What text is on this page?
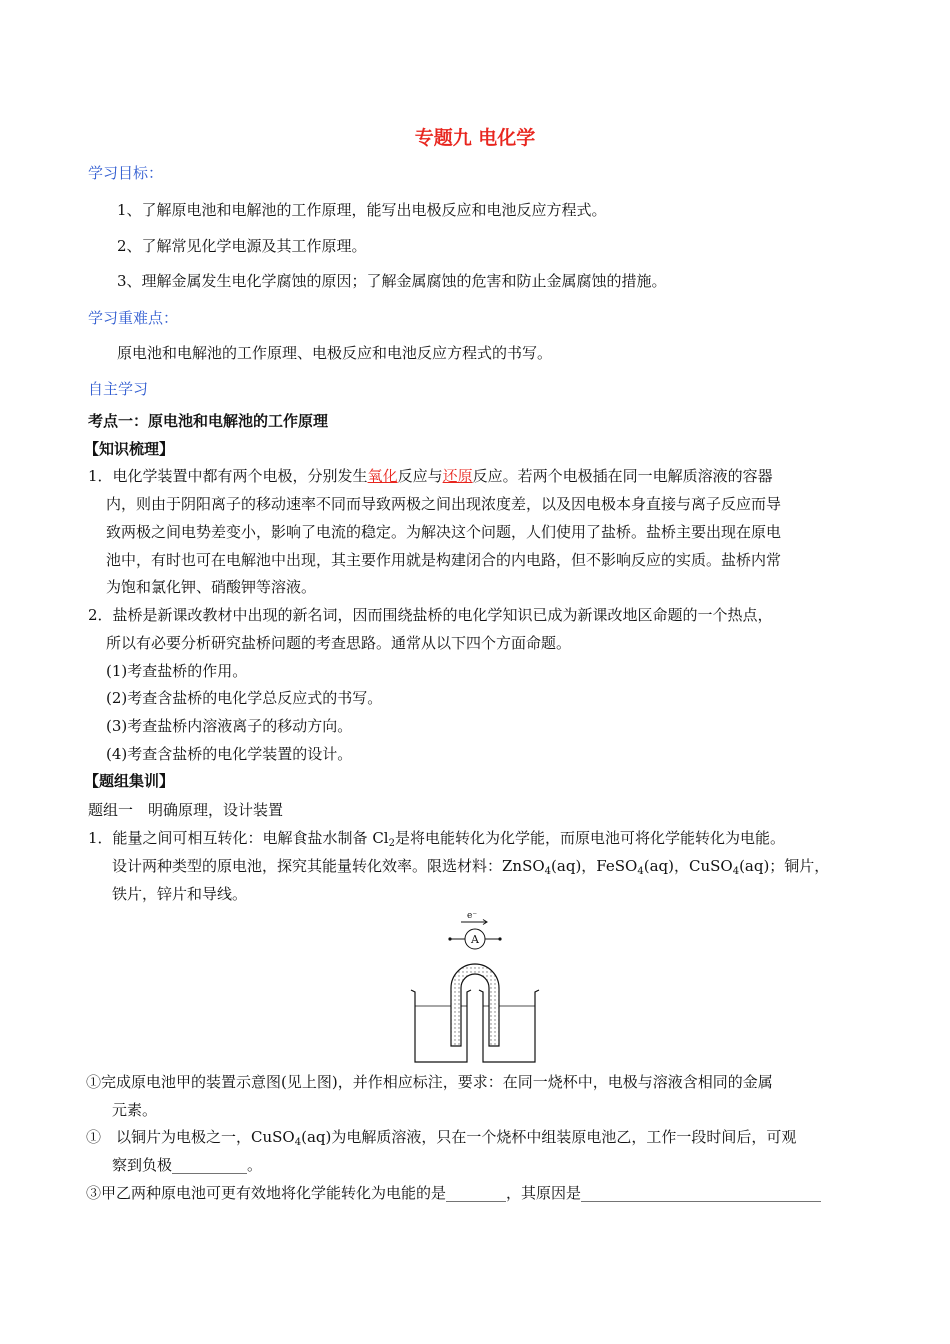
专题九 电化学
学习目标：
1、了解原电池和电解池的工作原理，能写出电极反应和电池反应方程式。
2、了解常见化学电源及其工作原理。
3、理解金属发生电化学腐蚀的原因；了解金属腐蚀的危害和防止金属腐蚀的措施。
学习重难点：
原电池和电解池的工作原理、电极反应和电池反应方程式的书写。
自主学习
考点一：原电池和电解池的工作原理
【知识梳理】
1．电化学装置中都有两个电极，分别发生氧化反应与还原反应。若两个电极插在同一电解质溶液的容器
内，则由于阴阳离子的移动速率不同而导致两极之间出现浓度差，以及因电极本身直接与离子反应而导
致两极之间电势差变小，影响了电流的稳定。为解决这个问题，人们使用了盐桥。盐桥主要出现在原电
池中，有时也可在电解池中出现，其主要作用就是构建闭合的内电路，但不影响反应的实质。盐桥内常
为饱和氯化钾、硝酸钾等溶液。
2．盐桥是新课改教材中出现的新名词，因而围绕盐桥的电化学知识已成为新课改地区命题的一个热点，
所以有必要分析研究盐桥问题的考查思路。通常从以下四个方面命题。
(1)考查盐桥的作用。
(2)考查含盐桥的电化学总反应式的书写。
(3)考查盐桥内溶液离子的移动方向。
(4)考查含盐桥的电化学装置的设计。
【题组集训】
题组一　明确原理，设计装置
1．能量之间可相互转化：电解食盐水制备 $Cl_2$是将电能转化为化学能，而原电池可将化学能转化为电能。
设计两种类型的原电池，探究其能量转化效率。限选材料：ZnSO$_4$(aq)，FeSO$_4$(aq)，CuSO$_4$(aq)；铜片，
铁片，锌片和导线。
e⁻
A
①完成原电池甲的装置示意图(见上图)，并作相应标注，要求：在同一烧杯中，电极与溶液含相同的金属
元素。
①　以铜片为电极之一，CuSO$_4$(aq)为电解质溶液，只在一个烧杯中组装原电池乙，工作一段时间后，可观
察到负极__________。
③甲乙两种原电池可更有效地将化学能转化为电能的是________，其原因是________________________________
